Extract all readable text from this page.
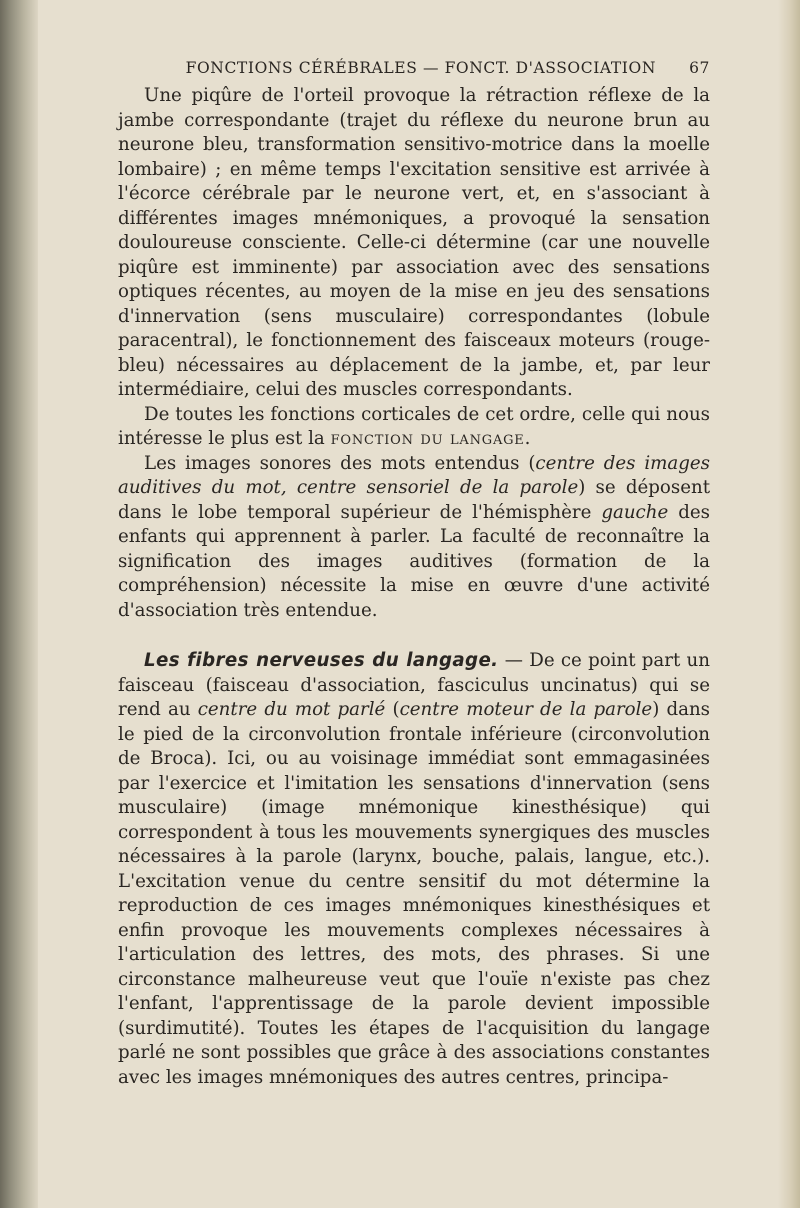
FONCTIONS CÉRÉBRALES — FONCT. D'ASSOCIATION 67

Une piqûre de l'orteil provoque la rétraction réflexe de la jambe correspondante (trajet du réflexe du neurone brun au neurone bleu, transformation sensitivo-motrice dans la moelle lombaire) ; en même temps l'excitation sensitive est arrivée à l'écorce cérébrale par le neurone vert, et, en s'associant à différentes images mnémoniques, a provoqué la sensation douloureuse consciente. Celle-ci détermine (car une nouvelle piqûre est imminente) par association avec des sensations optiques récentes, au moyen de la mise en jeu des sensations d'innervation (sens musculaire) correspondantes (lobule paracentral), le fonctionnement des faisceaux moteurs (rouge-bleu) nécessaires au déplacement de la jambe, et, par leur intermédiaire, celui des muscles correspondants.

De toutes les fonctions corticales de cet ordre, celle qui nous intéresse le plus est la fonction du langage.

Les images sonores des mots entendus (centre des images auditives du mot, centre sensoriel de la parole) se déposent dans le lobe temporal supérieur de l'hémisphère gauche des enfants qui apprennent à parler. La faculté de reconnaître la signification des images auditives (formation de la compréhension) nécessite la mise en œuvre d'une activité d'association très entendue.

Les fibres nerveuses du langage. — De ce point part un faisceau (faisceau d'association, fasciculus uncinatus) qui se rend au centre du mot parlé (centre moteur de la parole) dans le pied de la circonvolution frontale inférieure (circonvolution de Broca). Ici, ou au voisinage immédiat sont emmagasinées par l'exercice et l'imitation les sensations d'innervation (sens musculaire) (image mnémonique kinesthésique) qui correspondent à tous les mouvements synergiques des muscles nécessaires à la parole (larynx, bouche, palais, langue, etc.). L'excitation venue du centre sensitif du mot détermine la reproduction de ces images mnémoniques kinesthésiques et enfin provoque les mouvements complexes nécessaires à l'articulation des lettres, des mots, des phrases. Si une circonstance malheureuse veut que l'ouïe n'existe pas chez l'enfant, l'apprentissage de la parole devient impossible (surdimutité). Toutes les étapes de l'acquisition du langage parlé ne sont possibles que grâce à des associations constantes avec les images mnémoniques des autres centres, principa-
